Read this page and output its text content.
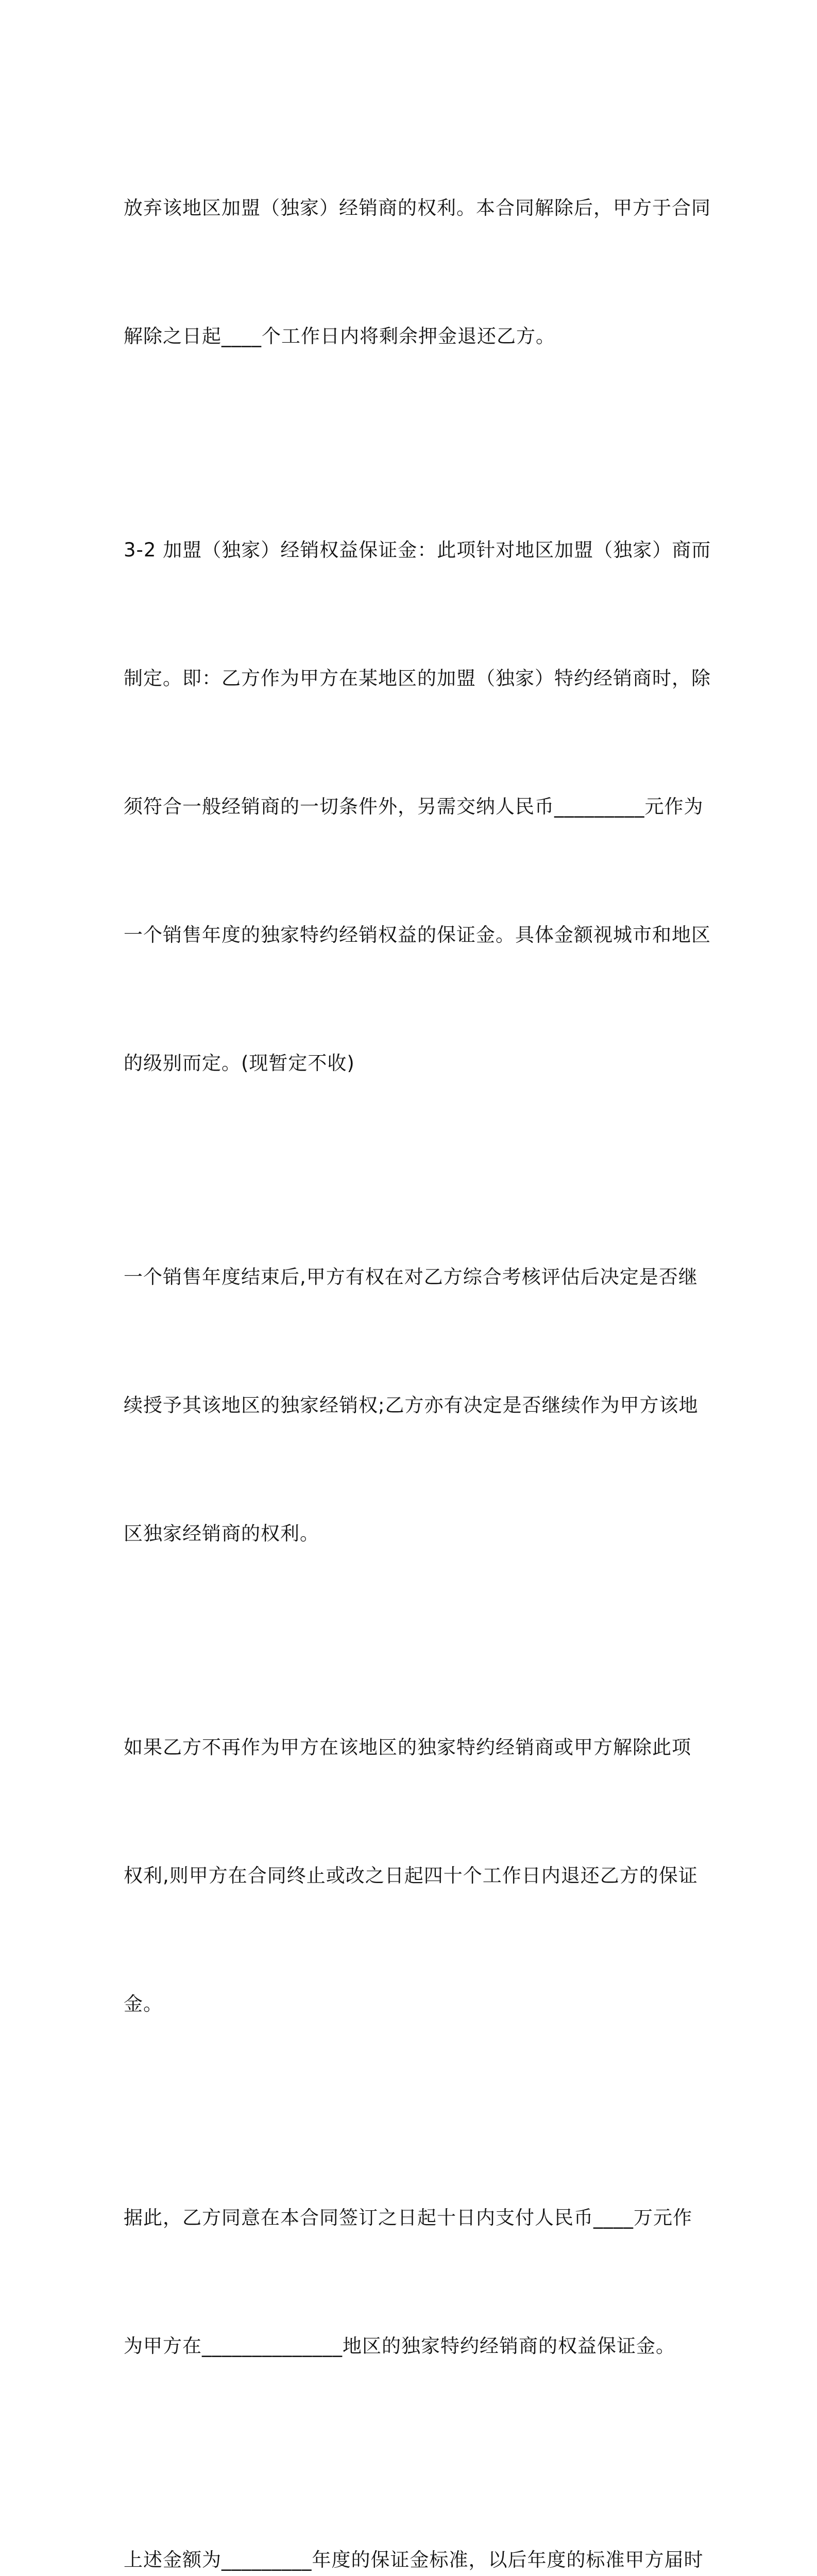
放弃该地区加盟（独家）经销商的权利。本合同解除后，甲方于合同

解除之日起____个工作日内将剩余押金退还乙方。

3-2 加盟（独家）经销权益保证金：此项针对地区加盟（独家）商而

制定。即：乙方作为甲方在某地区的加盟（独家）特约经销商时，除

须符合一般经销商的一切条件外，另需交纳人民币_________元作为

一个销售年度的独家特约经销权益的保证金。具体金额视城市和地区

的级别而定。(现暂定不收)

一个销售年度结束后,甲方有权在对乙方综合考核评估后决定是否继

续授予其该地区的独家经销权;乙方亦有决定是否继续作为甲方该地

区独家经销商的权利。

如果乙方不再作为甲方在该地区的独家特约经销商或甲方解除此项

权利,则甲方在合同终止或改之日起四十个工作日内退还乙方的保证

金。

据此，乙方同意在本合同签订之日起十日内支付人民币____万元作

为甲方在______________地区的独家特约经销商的权益保证金。

上述金额为_________年度的保证金标准，以后年度的标准甲方届时
